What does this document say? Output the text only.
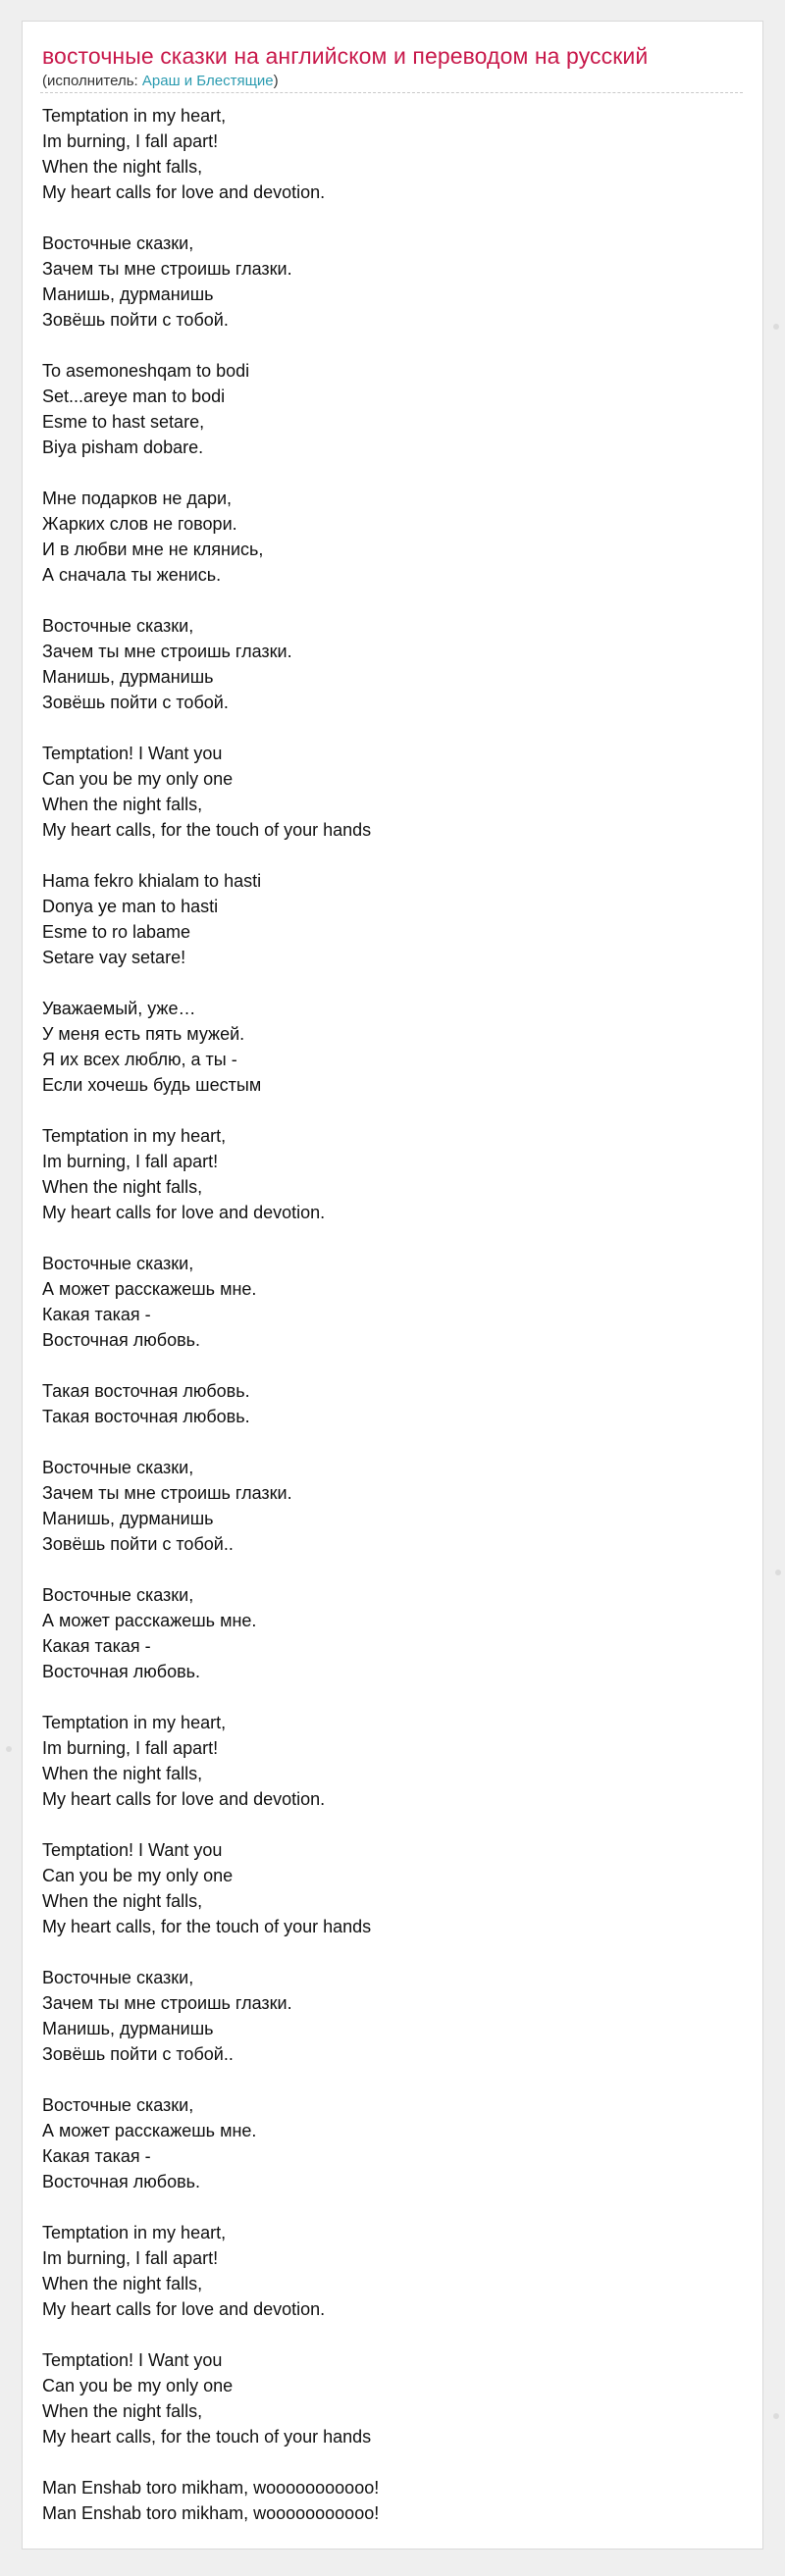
восточные сказки на английском и переводом на русский
(исполнитель: Араш и Блестящие)
Temptation in my heart,
Im burning, I fall apart!
When the night falls,
My heart calls for love and devotion.
Восточные сказки,
Зачем ты мне строишь глазки.
Манишь, дурманишь
Зовёшь пойти с тобой.
To asemoneshqam to bodi
Set...areye man to bodi
Esme to hast setare,
Biya pisham dobare.
Мне подарков не дари,
Жарких слов не говори.
И в любви мне не клянись,
А сначала ты женись.
Восточные сказки,
Зачем ты мне строишь глазки.
Манишь, дурманишь
Зовёшь пойти с тобой.
Temptation! I Want you
Can you be my only one
When the night falls,
My heart calls, for the touch of your hands
Hama fekro khialam to hasti
Donya ye man to hasti
Esme to ro labame
Setare vay setare!
Уважаемый, уже…
У меня есть пять мужей.
Я их всех люблю, а ты -
Если хочешь будь шестым
Temptation in my heart,
Im burning, I fall apart!
When the night falls,
My heart calls for love and devotion.
Восточные сказки,
А может расскажешь мне.
Какая такая -
Восточная любовь.
Такая восточная любовь.
Такая восточная любовь.
Восточные сказки,
Зачем ты мне строишь глазки.
Манишь, дурманишь
Зовёшь пойти с тобой..
Восточные сказки,
А может расскажешь мне.
Какая такая -
Восточная любовь.
Temptation in my heart,
Im burning, I fall apart!
When the night falls,
My heart calls for love and devotion.
Temptation! I Want you
Can you be my only one
When the night falls,
My heart calls, for the touch of your hands
Восточные сказки,
Зачем ты мне строишь глазки.
Манишь, дурманишь
Зовёшь пойти с тобой..
Восточные сказки,
А может расскажешь мне.
Какая такая -
Восточная любовь.
Temptation in my heart,
Im burning, I fall apart!
When the night falls,
My heart calls for love and devotion.
Temptation! I Want you
Can you be my only one
When the night falls,
My heart calls, for the touch of your hands
Man Enshab toro mikham, wooooooooooo!
Man Enshab toro mikham, wooooooooooo!
